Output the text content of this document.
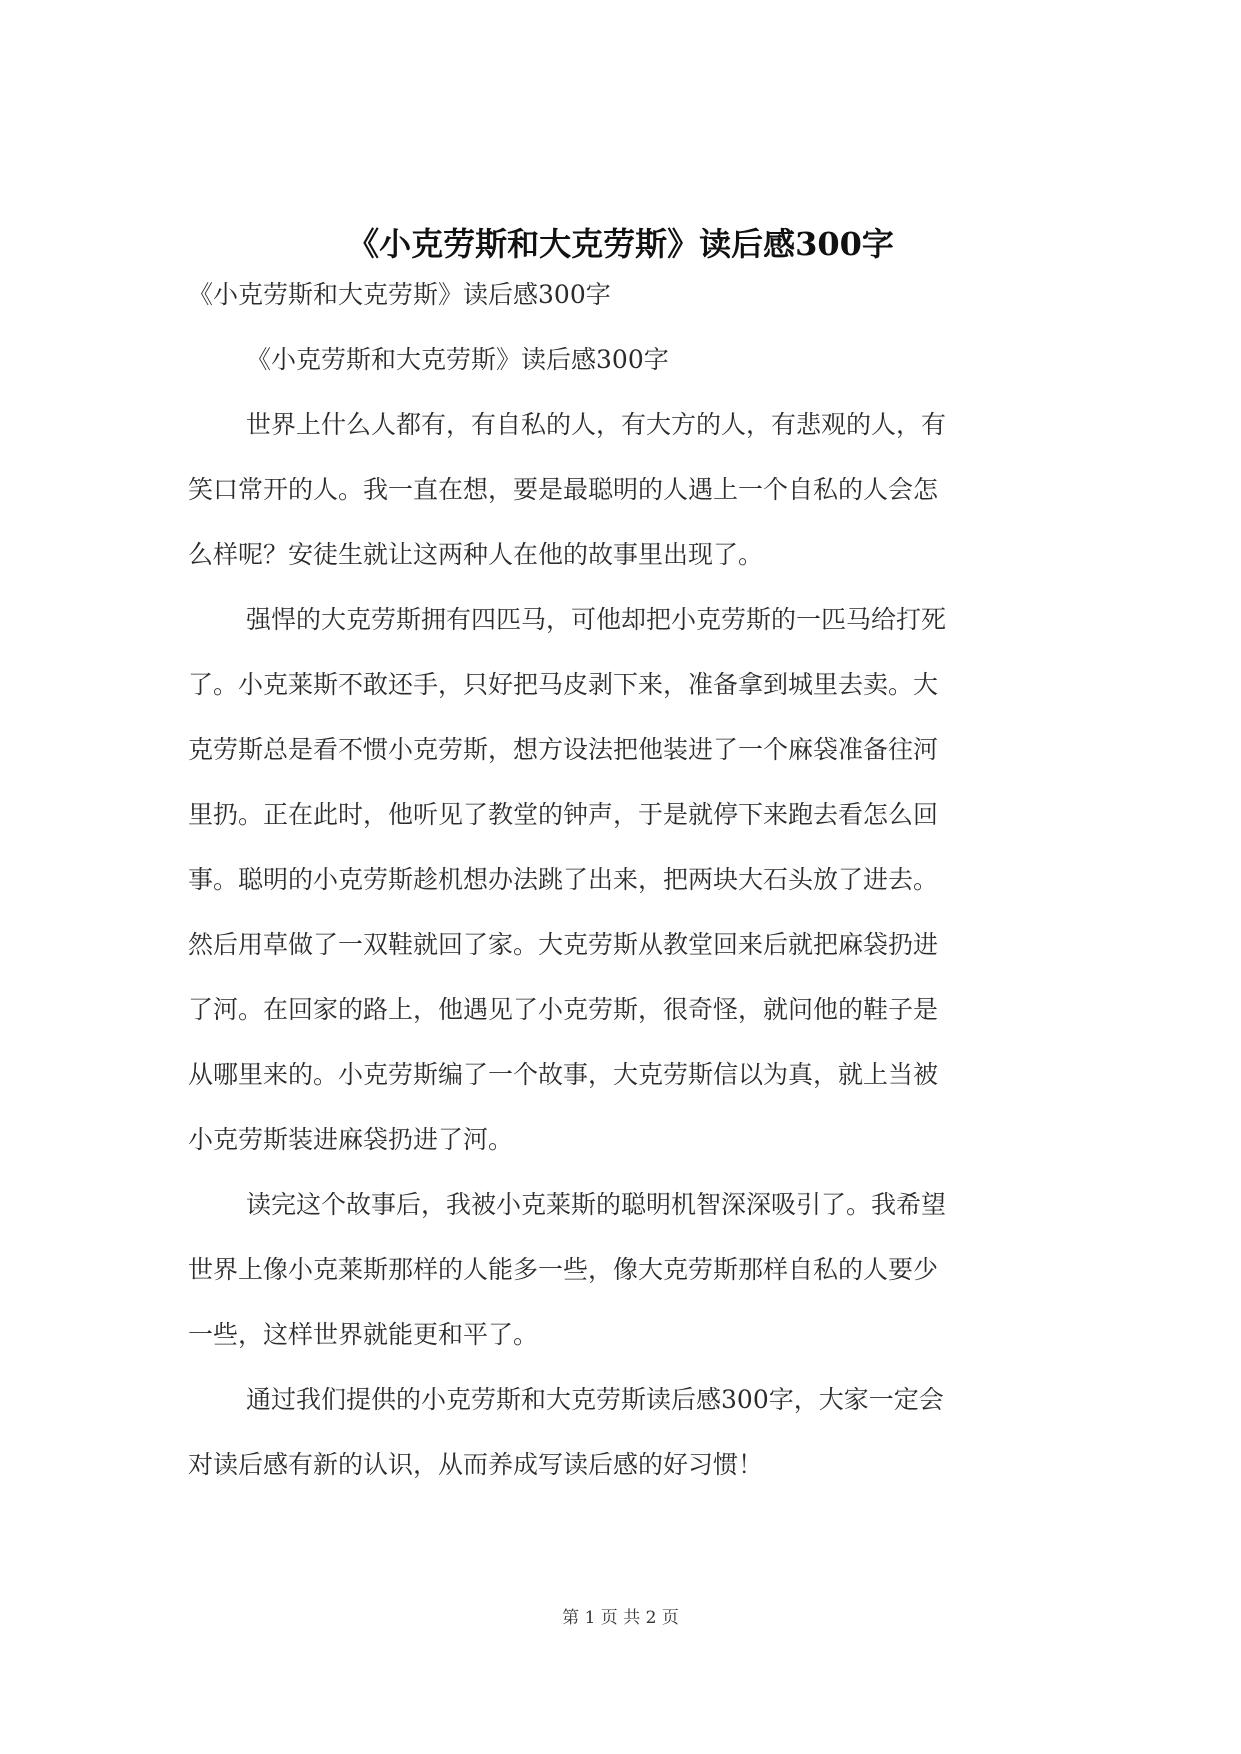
《小克劳斯和大克劳斯》读后感300字
《小克劳斯和大克劳斯》读后感300字
《小克劳斯和大克劳斯》读后感300字
世界上什么人都有，有自私的人，有大方的人，有悲观的人，有
笑口常开的人。我一直在想，要是最聪明的人遇上一个自私的人会怎
么样呢？安徒生就让这两种人在他的故事里出现了。
强悍的大克劳斯拥有四匹马，可他却把小克劳斯的一匹马给打死
了。小克莱斯不敢还手，只好把马皮剥下来，准备拿到城里去卖。大
克劳斯总是看不惯小克劳斯，想方设法把他装进了一个麻袋准备往河
里扔。正在此时，他听见了教堂的钟声，于是就停下来跑去看怎么回
事。聪明的小克劳斯趁机想办法跳了出来，把两块大石头放了进去。
然后用草做了一双鞋就回了家。大克劳斯从教堂回来后就把麻袋扔进
了河。在回家的路上，他遇见了小克劳斯，很奇怪，就问他的鞋子是
从哪里来的。小克劳斯编了一个故事，大克劳斯信以为真，就上当被
小克劳斯装进麻袋扔进了河。
读完这个故事后，我被小克莱斯的聪明机智深深吸引了。我希望
世界上像小克莱斯那样的人能多一些，像大克劳斯那样自私的人要少
一些，这样世界就能更和平了。
通过我们提供的小克劳斯和大克劳斯读后感300字，大家一定会
对读后感有新的认识，从而养成写读后感的好习惯！
第 1 页 共 2 页
